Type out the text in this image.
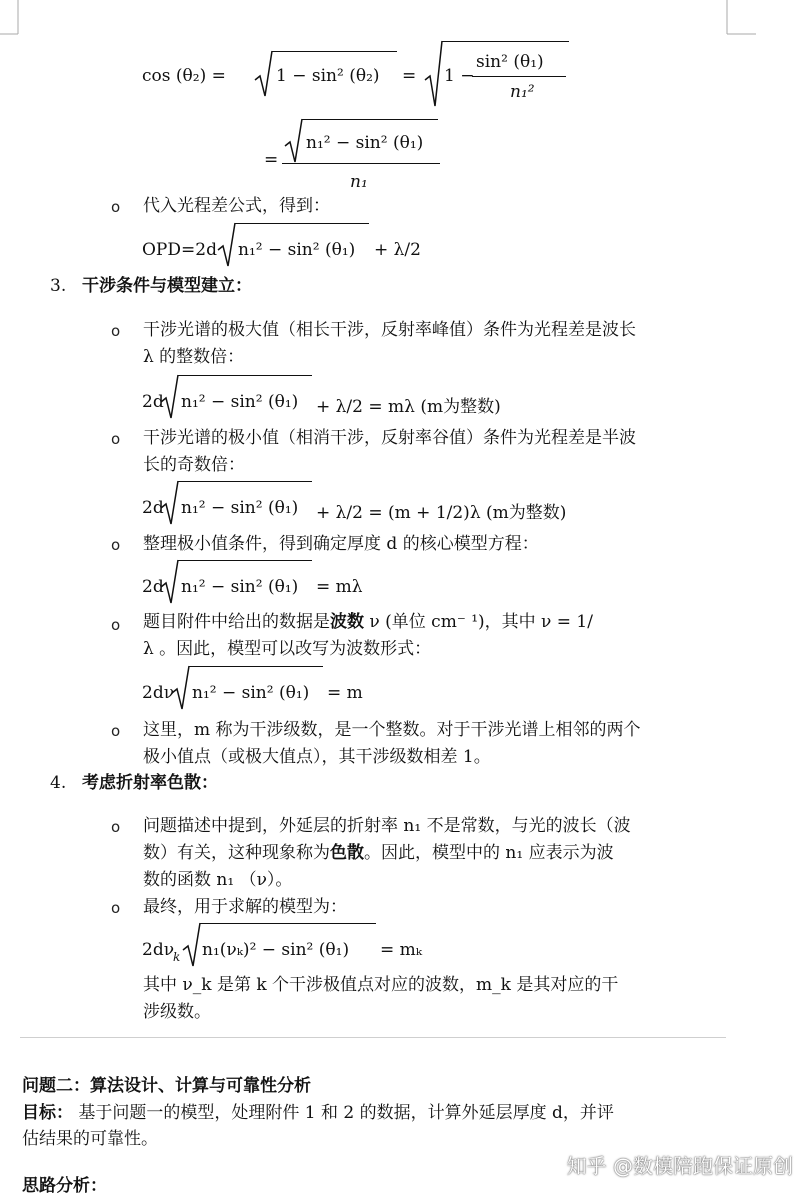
cos (θ₂) =	1 − sin² (θ₂) = 1 −
sin² (θ₁)
n₁²
=
n₁² − sin² (θ₁)
n₁
o 代入光程差公式，得到：
OPD=2d n₁² − sin² (θ₁) + λ/2
3. 干涉条件与模型建立：
o 干涉光谱的极大值（相长干涉，反射率峰值）条件为光程差是波长
λ 的整数倍：
2d n₁² − sin² (θ₁) + λ/2 = mλ (m为整数)
o 干涉光谱的极小值（相消干涉，反射率谷值）条件为光程差是半波
长的奇数倍：
2d n₁² − sin² (θ₁) + λ/2 = (m + 1/2)λ (m为整数)
o 整理极小值条件，得到确定厚度 d 的核心模型方程：
2d n₁² − sin² (θ₁) = mλ
o 题目附件中给出的数据是波数 ν (单位 cm⁻ ¹)，其中 ν = 1/
λ 。因此，模型可以改写为波数形式：
2dν n₁² − sin² (θ₁) = m
o 这里，m 称为干涉级数，是一个整数。对于干涉光谱上相邻的两个
极小值点（或极大值点），其干涉级数相差 1。
4. 考虑折射率色散：
o 问题描述中提到，外延层的折射率 n₁ 不是常数，与光的波长（波
数）有关，这种现象称为色散。因此，模型中的 n₁ 应表示为波
数的函数 n₁ （ν）。
o 最终，用于求解的模型为：
2dν
k n₁(νₖ)² − sin² (θ₁) = mₖ
其中 ν_k 是第 k 个干涉极值点对应的波数，m_k 是其对应的干
涉级数。
问题二：算法设计、计算与可靠性分析
目标： 基于问题一的模型，处理附件 1 和 2 的数据，计算外延层厚度 d，并评
估结果的可靠性。
思路分析：
知乎 @数模陪跑保证原创
